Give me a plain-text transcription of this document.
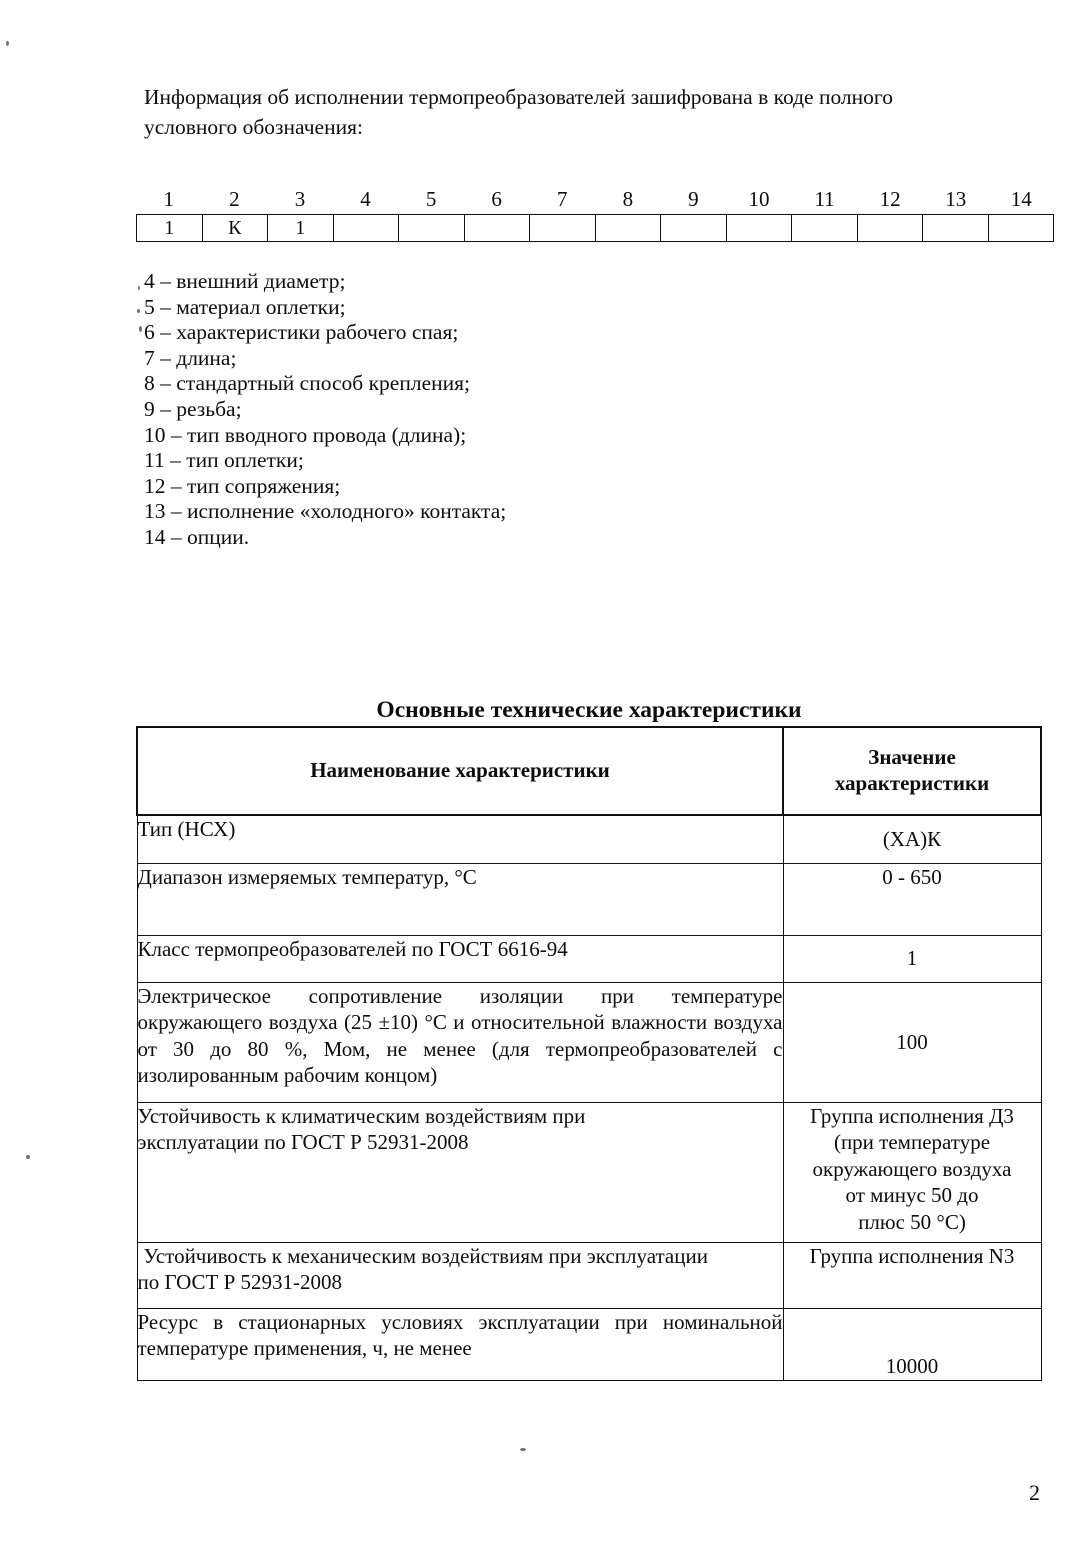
Информация об исполнении термопреобразователей зашифрована в коде полного
условного обозначения:
1	2	3	4	5	6	7	8	9	10	11	12	13	14
1	К	1
4 – внешний диаметр;
5 – материал оплетки;
6 – характеристики рабочего спая;
7 – длина;
8 – стандартный способ крепления;
9 – резьба;
10 – тип вводного провода (длина);
11 – тип оплетки;
12 – тип сопряжения;
13 – исполнение «холодного» контакта;
14 – опции.
Основные технические характеристики
Наименование характеристики	Значение
характеристики
Тип (НСХ)	(ХА)К
Диапазон измеряемых температур, °C	0 - 650
Класс термопреобразователей по ГОСТ 6616-94	1
Электрическое сопротивление изоляции при температуре окружающего воздуха (25 ±10) °C и относительной влажности воздуха от 30 до 80 %, Мом, не менее (для термопреобразователей с изолированным рабочим концом)	100
Устойчивость к климатическим воздействиям при
эксплуатации по ГОСТ Р 52931-2008	Группа исполнения Д3
(при температуре
окружающего воздуха
от минус 50 до
плюс 50 °C)
Устойчивость к механическим воздействиям при эксплуатации
по ГОСТ Р 52931-2008	Группа исполнения N3
Ресурс в стационарных условиях эксплуатации при номинальной температуре применения, ч, не менее	10000
2
